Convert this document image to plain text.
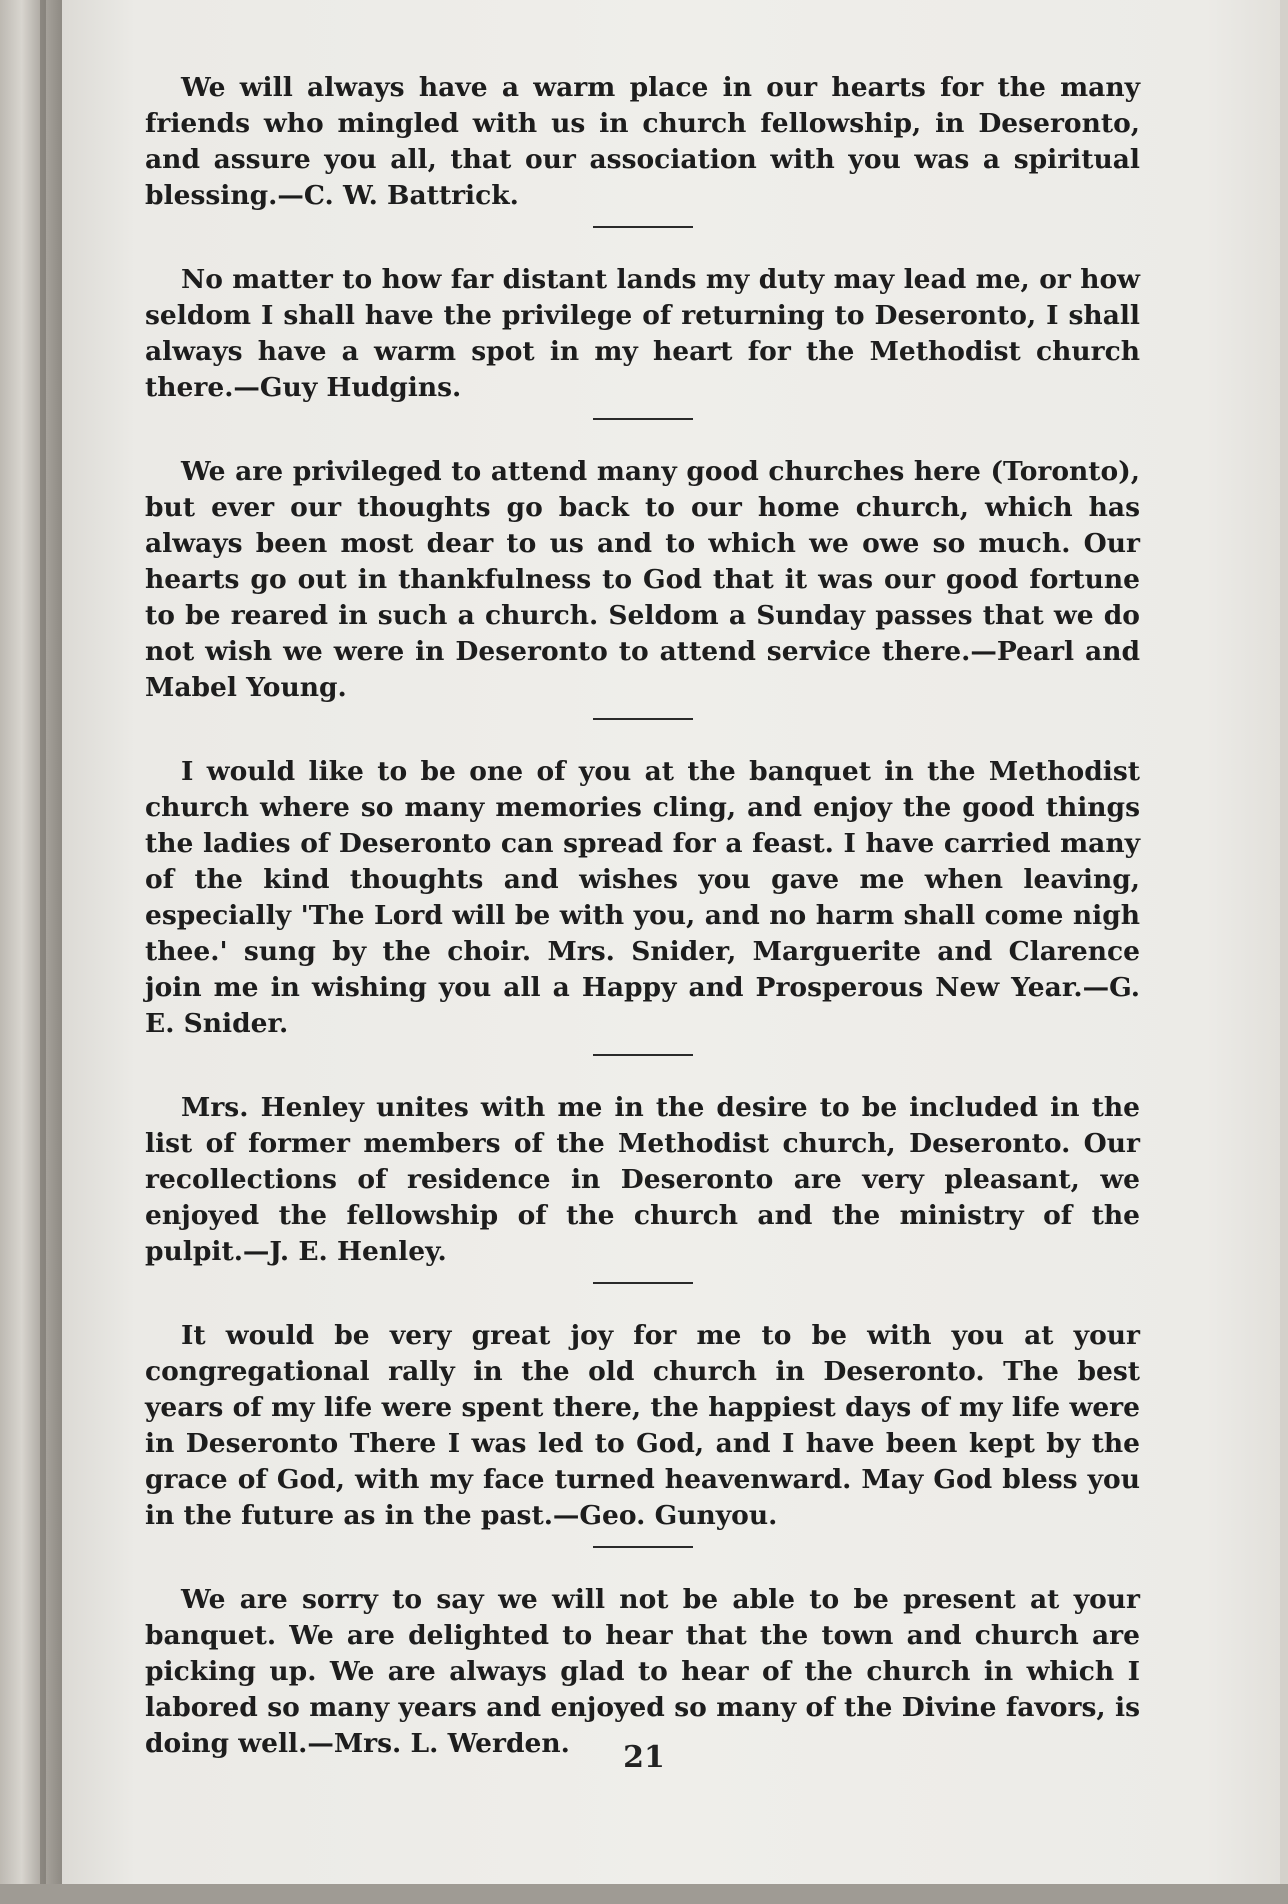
We will always have a warm place in our hearts for the many friends who mingled with us in church fellowship, in Deseronto, and assure you all, that our association with you was a spiritual blessing.—C. W. Battrick.

No matter to how far distant lands my duty may lead me, or how seldom I shall have the privilege of returning to Deseronto, I shall always have a warm spot in my heart for the Methodist church there.—Guy Hudgins.

We are privileged to attend many good churches here (Toronto), but ever our thoughts go back to our home church, which has always been most dear to us and to which we owe so much. Our hearts go out in thankfulness to God that it was our good fortune to be reared in such a church. Seldom a Sunday passes that we do not wish we were in Deseronto to attend service there.—Pearl and Mabel Young.

I would like to be one of you at the banquet in the Methodist church where so many memories cling, and enjoy the good things the ladies of Deseronto can spread for a feast. I have carried many of the kind thoughts and wishes you gave me when leaving, especially 'The Lord will be with you, and no harm shall come nigh thee.' sung by the choir. Mrs. Snider, Marguerite and Clarence join me in wishing you all a Happy and Prosperous New Year.—G. E. Snider.

Mrs. Henley unites with me in the desire to be included in the list of former members of the Methodist church, Deseronto. Our recollections of residence in Deseronto are very pleasant, we enjoyed the fellowship of the church and the ministry of the pulpit.—J. E. Henley.

It would be very great joy for me to be with you at your congregational rally in the old church in Deseronto. The best years of my life were spent there, the happiest days of my life were in Deseronto There I was led to God, and I have been kept by the grace of God, with my face turned heavenward. May God bless you in the future as in the past.—Geo. Gunyou.

We are sorry to say we will not be able to be present at your banquet. We are delighted to hear that the town and church are picking up. We are always glad to hear of the church in which I labored so many years and enjoyed so many of the Divine favors, is doing well.—Mrs. L. Werden.	21
